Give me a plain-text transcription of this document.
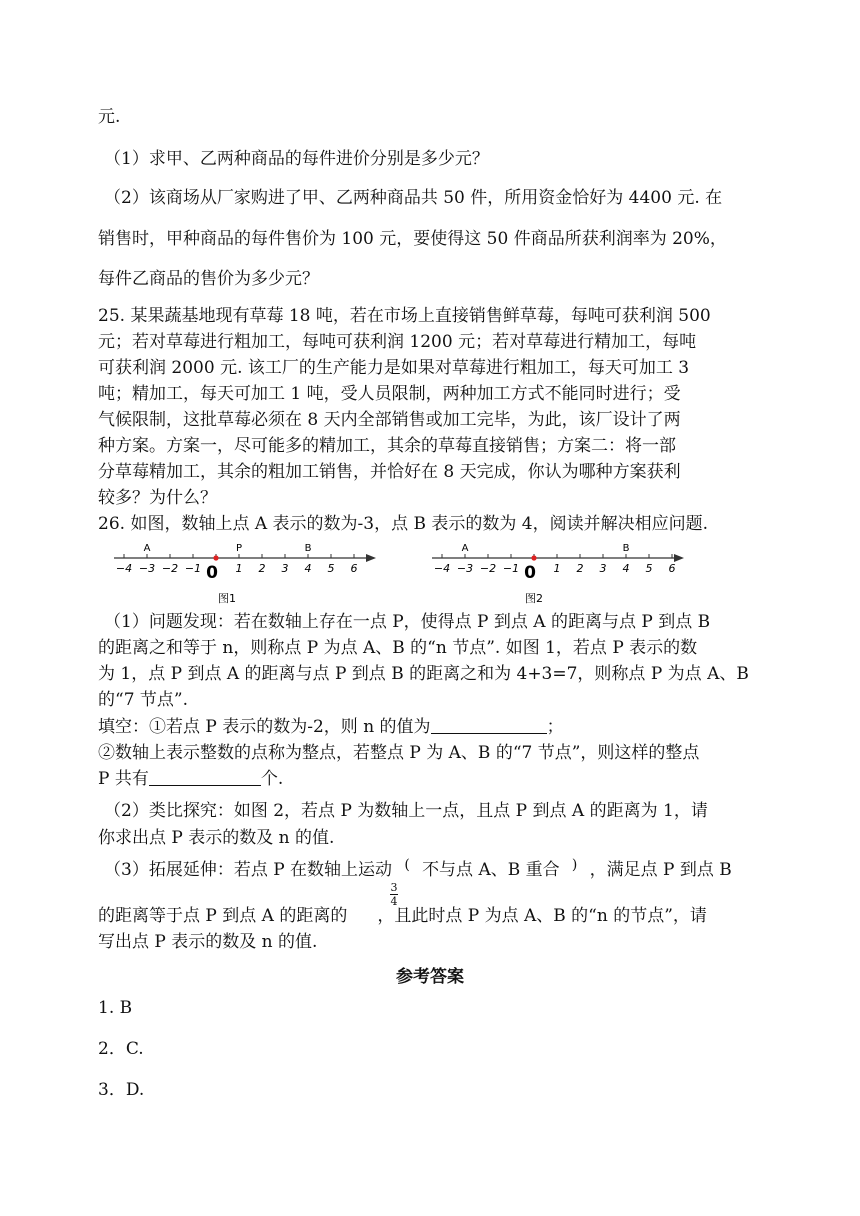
元.
（1）求甲、乙两种商品的每件进价分别是多少元？
（2）该商场从厂家购进了甲、乙两种商品共 50 件，所用资金恰好为 4400 元. 在
销售时，甲种商品的每件售价为 100 元，要使得这 50 件商品所获利润率为 20%，
每件乙商品的售价为多少元？
25. 某果蔬基地现有草莓 18 吨，若在市场上直接销售鲜草莓，每吨可获利润 500
元；若对草莓进行粗加工，每吨可获利润 1200 元；若对草莓进行精加工，每吨
可获利润 2000 元. 该工厂的生产能力是如果对草莓进行粗加工，每天可加工 3
吨；精加工，每天可加工 1 吨，受人员限制，两种加工方式不能同时进行；受
气候限制，这批草莓必须在 8 天内全部销售或加工完毕，为此，该厂设计了两
种方案。方案一，尽可能多的精加工，其余的草莓直接销售；方案二：将一部
分草莓精加工，其余的粗加工销售，并恰好在 8 天完成，你认为哪种方案获利
较多？为什么？
26. 如图，数轴上点 A 表示的数为-3，点 B 表示的数为 4，阅读并解决相应问题.
A	P	B
−4 −3 −2 −1	1 2 3 4 5 6
0
图1
A	B
−4 −3 −2 −1	1 2 3 4 5 6
0
图2
（1）问题发现：若在数轴上存在一点 P，使得点 P 到点 A 的距离与点 P 到点 B
的距离之和等于 n，则称点 P 为点 A、B 的“n 节点”. 如图 1，若点 P 表示的数
为 1，点 P 到点 A 的距离与点 P 到点 B 的距离之和为 4+3=7，则称点 P 为点 A、B
的“7 节点”.
填空：①若点 P 表示的数为-2，则 n 的值为	；
②数轴上表示整数的点称为整点，若整点 P 为 A、B 的“7 节点”，则这样的整点
P 共有	个.
（2）类比探究：如图 2，若点 P 为数轴上一点，且点 P 到点 A 的距离为 1，请
你求出点 P 表示的数及 n 的值.
（3）拓展延伸：若点 P 在数轴上运动 ( 不与点 A、B 重合 ) ，满足点 P 到点 B
的距离等于点 P 到点 A 的距离的 ，且此时点 P 为点 A、B 的“n 的节点”，请
3
4
写出点 P 表示的数及 n 的值.
参考答案
1. B
2．C.
3．D.
